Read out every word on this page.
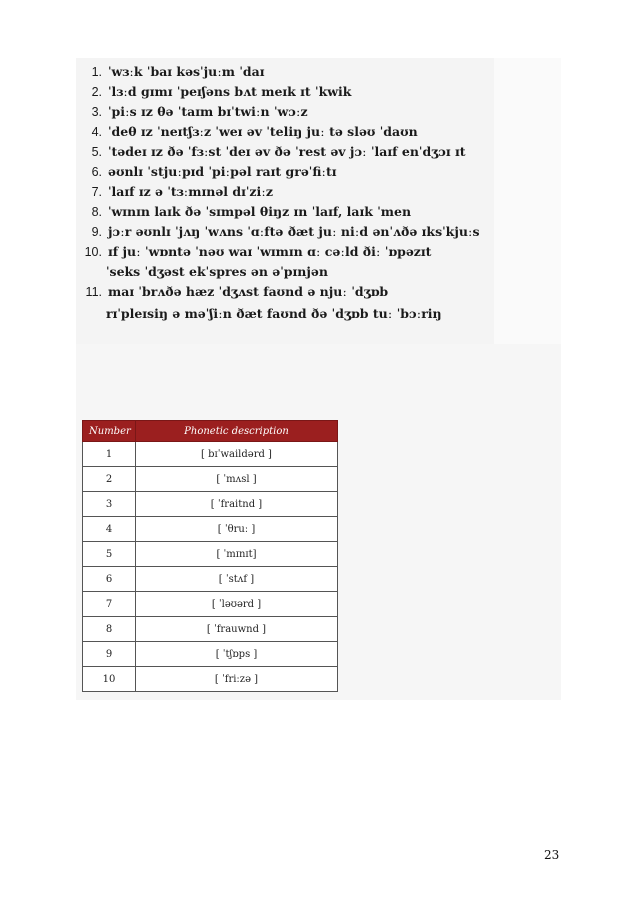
1. ˈwɜːk ˈbaɪ kəsˈjuːm ˈdaɪ
2. ˈlɜːd gɪmɪ ˈpeɪʃəns bʌt meɪk ɪt ˈkwik
3. ˈpiːs ɪz θə ˈtaɪm bɪˈtwiːn ˈwɔːz
4. ˈdeθ ɪz ˈneɪtʃɜːz ˈweɪ əv ˈteliŋ juː tə sləʊ ˈdaʊn
5. ˈtədeɪ ɪz ðə ˈfɜːst ˈdeɪ əv ðə ˈrest əv jɔː ˈlaɪf enˈdʒɔɪ ɪt
6. əʊnlɪ ˈstjuːpɪd ˈpiːpəl raɪt grəˈfiːtɪ
7. ˈlaɪf ɪz ə ˈtɜːmɪnəl dɪˈziːz
8. ˈwɪnɪn laɪk ðə ˈsɪmpəl θiŋz ɪn ˈlaɪf, laɪk ˈmen
9. jɔːr əʊnlɪ ˈjʌŋ ˈwʌns ˈɑːftə ðæt juː niːd ənˈʌðə ɪksˈkjuːs
10. ɪf juː ˈwɒntə ˈnəʊ waɪ ˈwɪmɪn ɑː cəːld ðiː ˈɒpəzɪt
ˈseks ˈdʒəst ekˈspres ən əˈpɪnjən
11. maɪ ˈbrʌðə hæz ˈdʒʌst faʊnd ə njuː ˈdʒɒb
rɪˈpleɪsiŋ ə məˈʃiːn ðæt faʊnd ðə ˈdʒɒb tuː ˈbɔːriŋ
Number	Phonetic description
1	[ bɪˈwaildərd ]
2	[ ˈmʌsl ]
3	[ ˈfraitnd ]
4	[ ˈθruː ]
5	[ ˈmɪnɪt]
6	[ ˈstʌf ]
7	[ ˈləʊərd ]
8	[ ˈfrauwnd ]
9	[ ˈtʃɒps ]
10	[ ˈfriːzə ]
23
